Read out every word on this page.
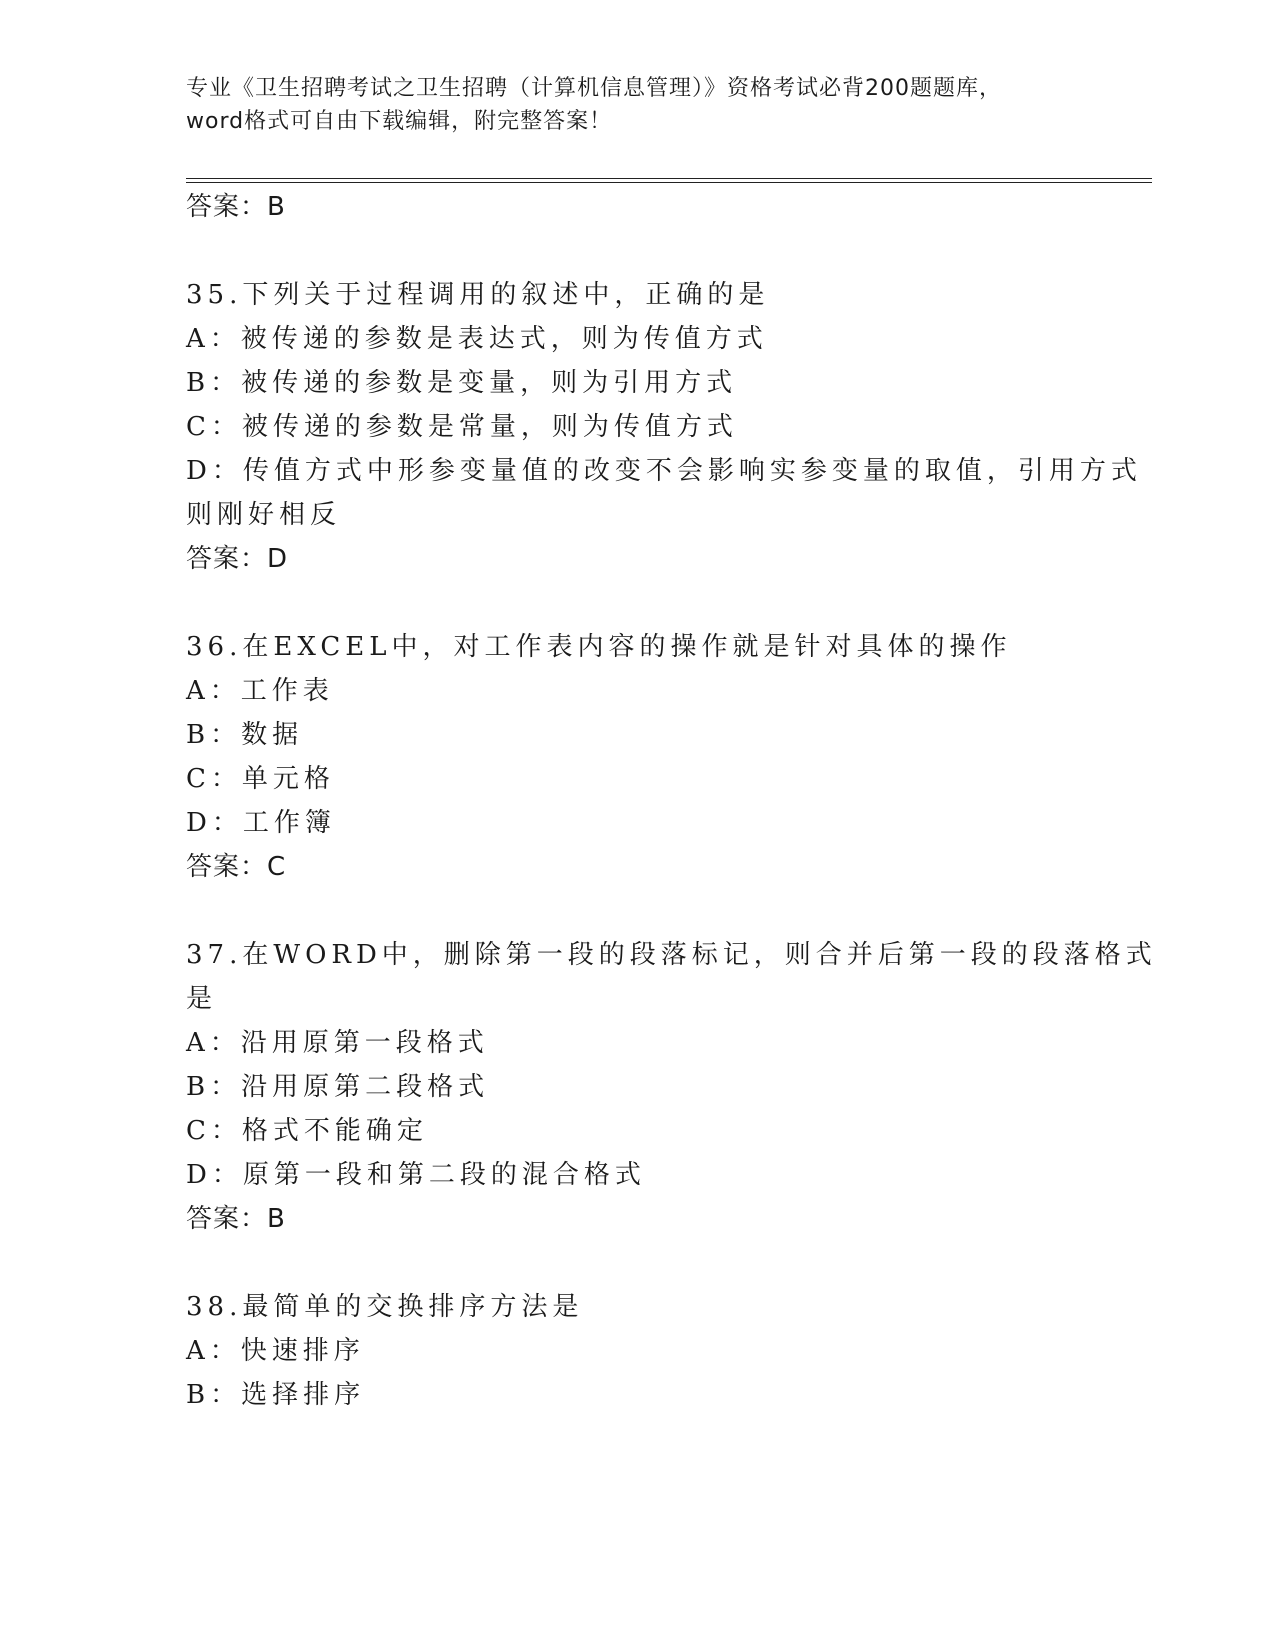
专业《卫生招聘考试之卫生招聘（计算机信息管理）》资格考试必背200题题库，
word格式可自由下载编辑，附完整答案！
答案：B
35.下列关于过程调用的叙述中，正确的是
A：被传递的参数是表达式，则为传值方式
B：被传递的参数是变量，则为引用方式
C：被传递的参数是常量，则为传值方式
D：传值方式中形参变量值的改变不会影响实参变量的取值，引用方式
则刚好相反
答案：D
36.在EXCEL中，对工作表内容的操作就是针对具体的操作
A：工作表
B：数据
C：单元格
D：工作簿
答案：C
37.在WORD中，删除第一段的段落标记，则合并后第一段的段落格式
是
A：沿用原第一段格式
B：沿用原第二段格式
C：格式不能确定
D：原第一段和第二段的混合格式
答案：B
38.最简单的交换排序方法是
A：快速排序
B：选择排序
